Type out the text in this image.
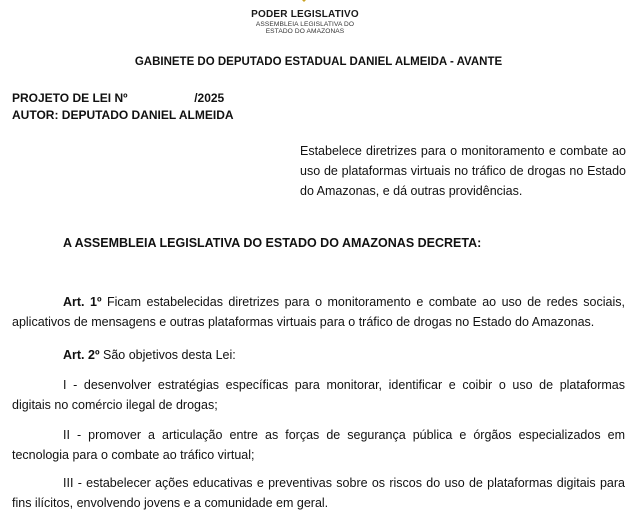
PODER LEGISLATIVO
ASSEMBLEIA LEGISLATIVA DO
ESTADO DO AMAZONAS
GABINETE DO DEPUTADO ESTADUAL DANIEL ALMEIDA - AVANTE
PROJETO DE LEI Nº                    /2025
AUTOR: DEPUTADO DANIEL ALMEIDA
Estabelece diretrizes para o monitoramento e combate ao uso de plataformas virtuais no tráfico de drogas no Estado do Amazonas, e dá outras providências.
A ASSEMBLEIA LEGISLATIVA DO ESTADO DO AMAZONAS DECRETA:
Art. 1º Ficam estabelecidas diretrizes para o monitoramento e combate ao uso de redes sociais, aplicativos de mensagens e outras plataformas virtuais para o tráfico de drogas no Estado do Amazonas.
Art. 2º São objetivos desta Lei:
I - desenvolver estratégias específicas para monitorar, identificar e coibir o uso de plataformas digitais no comércio ilegal de drogas;
II - promover a articulação entre as forças de segurança pública e órgãos especializados em tecnologia para o combate ao tráfico virtual;
III - estabelecer ações educativas e preventivas sobre os riscos do uso de plataformas digitais para fins ilícitos, envolvendo jovens e a comunidade em geral.
